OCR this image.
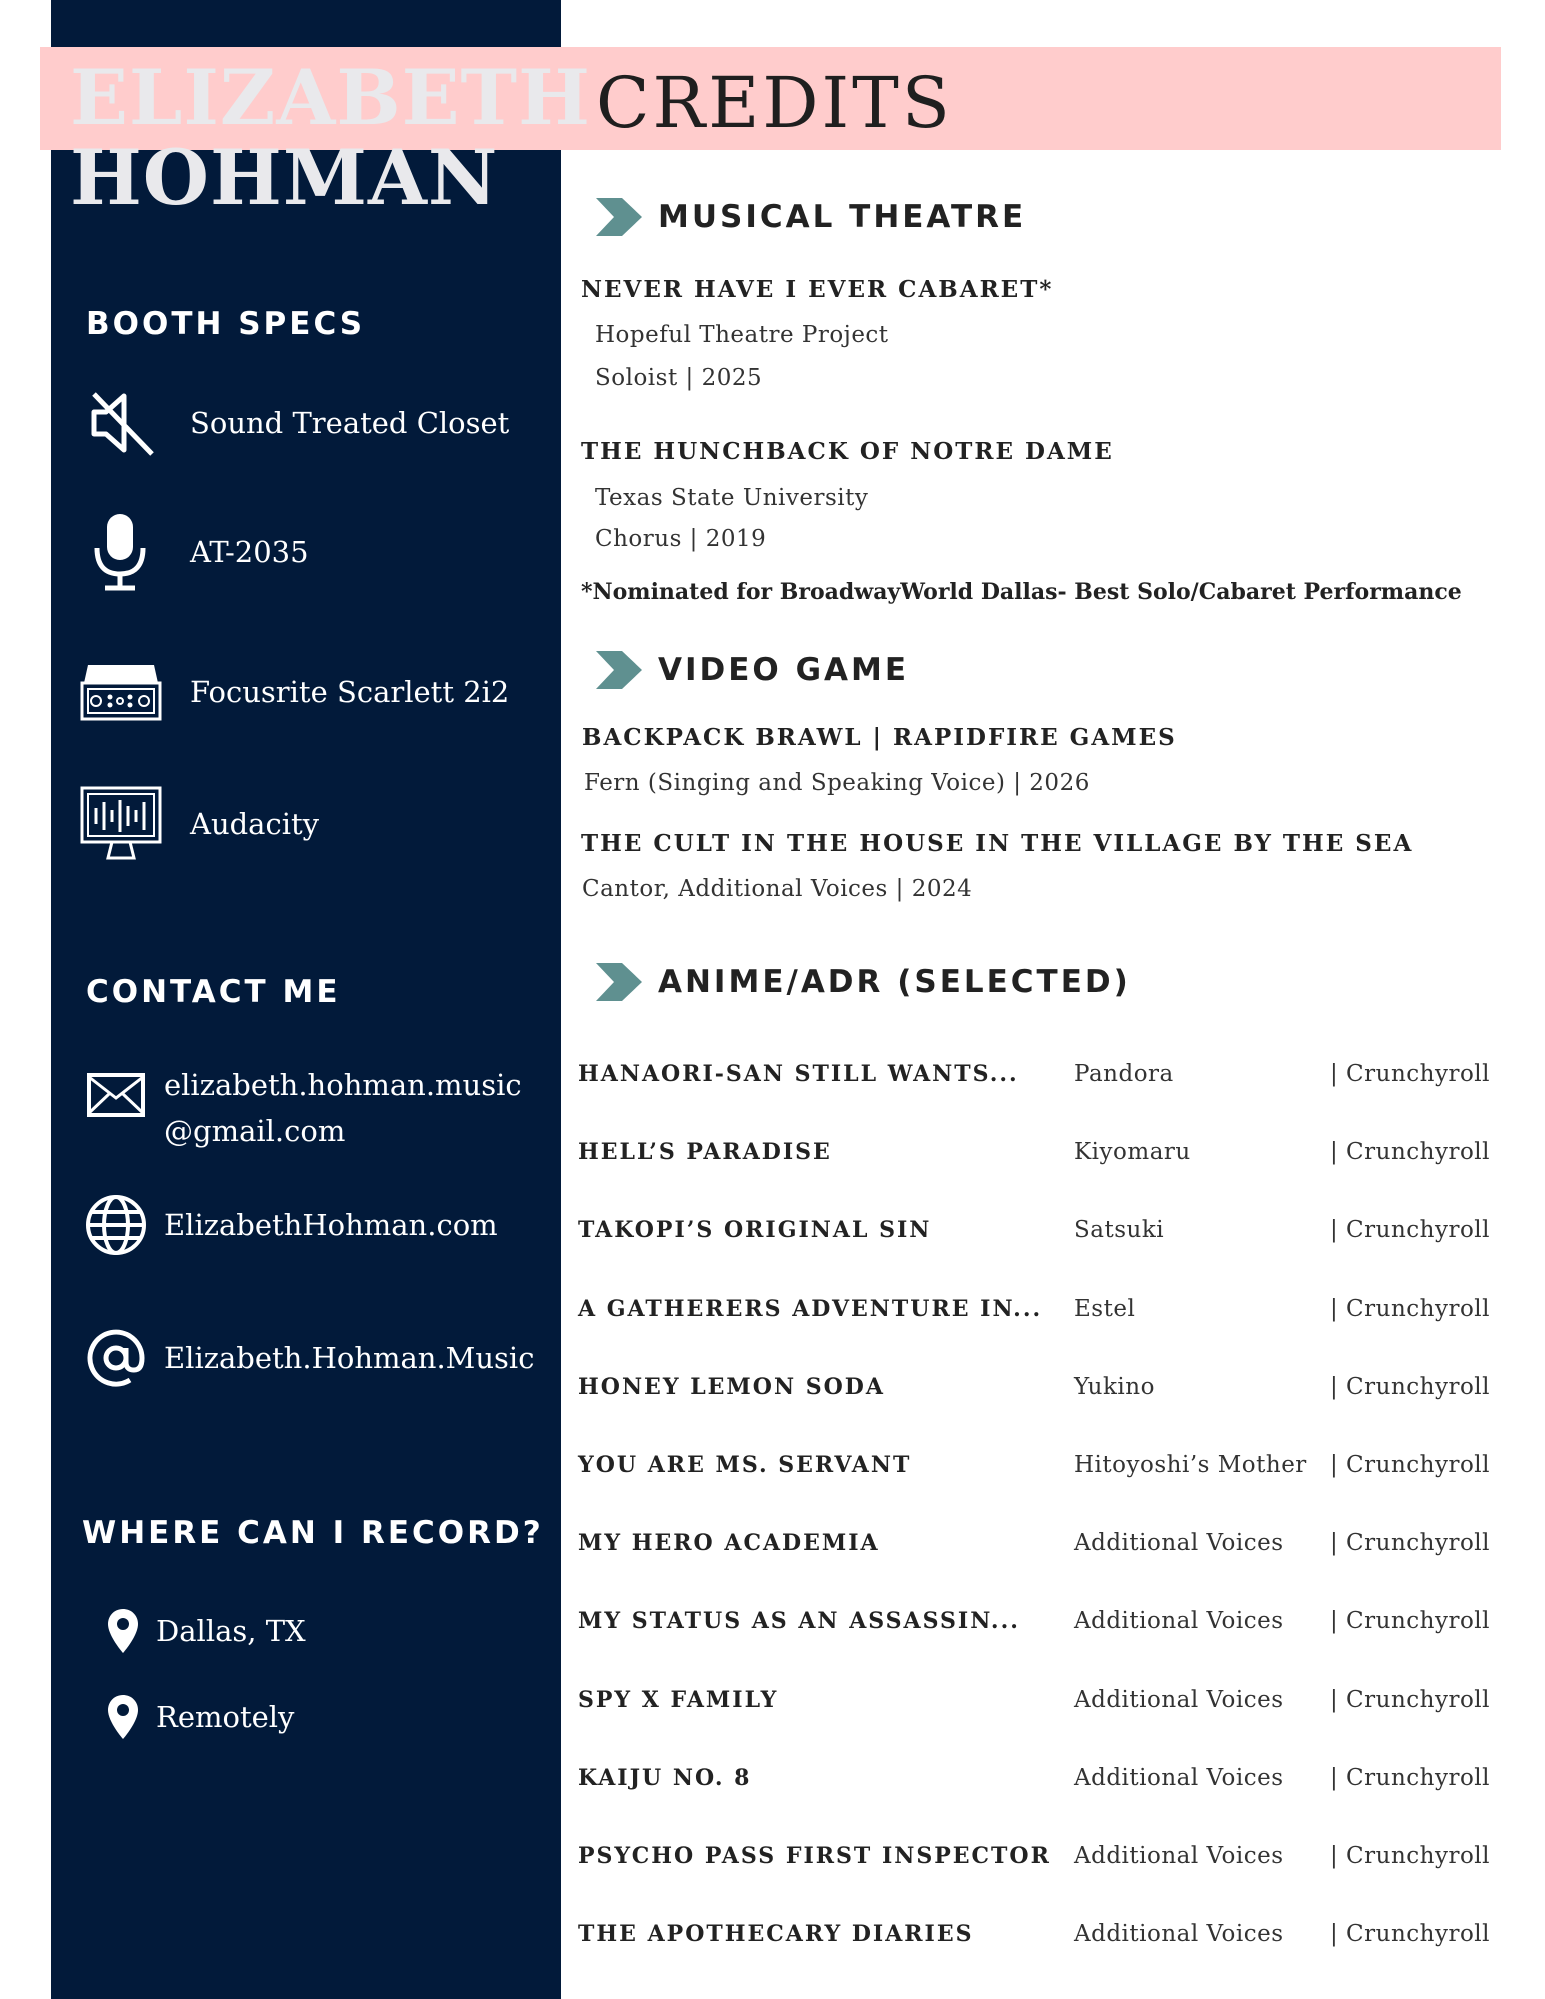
ELIZABETH
HOHMAN
BOOTH SPECS
Sound Treated Closet
AT-2035
Focusrite Scarlett 2i2
Audacity
CONTACT ME
elizabeth.hohman.music
@gmail.com
ElizabethHohman.com
Elizabeth.Hohman.Music
WHERE CAN I RECORD?
Dallas, TX
Remotely
CREDITS
MUSICAL THEATRE
NEVER HAVE I EVER CABARET*
Hopeful Theatre Project
Soloist | 2025
THE HUNCHBACK OF NOTRE DAME
Texas State University
Chorus | 2019
*Nominated for BroadwayWorld Dallas- Best Solo/Cabaret Performance
VIDEO GAME
BACKPACK BRAWL | RAPIDFIRE GAMES
Fern (Singing and Speaking Voice) | 2026
THE CULT IN THE HOUSE IN THE VILLAGE BY THE SEA
Cantor, Additional Voices | 2024
ANIME/ADR (SELECTED)
HANAORI-SAN STILL WANTS... Pandora	| Crunchyroll
HELL’S PARADISE	Kiyomaru	| Crunchyroll
TAKOPI’S ORIGINAL SIN	Satsuki	| Crunchyroll
A GATHERERS ADVENTURE IN... Estel	| Crunchyroll
HONEY LEMON SODA	Yukino	| Crunchyroll
YOU ARE MS. SERVANT	Hitoyoshi’s Mother | Crunchyroll
MY HERO ACADEMIA	Additional Voices | Crunchyroll
MY STATUS AS AN ASSASSIN... Additional Voices | Crunchyroll
SPY X FAMILY	Additional Voices | Crunchyroll
KAIJU NO. 8	Additional Voices | Crunchyroll
PSYCHO PASS FIRST INSPECTOR Additional Voices | Crunchyroll
THE APOTHECARY DIARIES	Additional Voices | Crunchyroll
